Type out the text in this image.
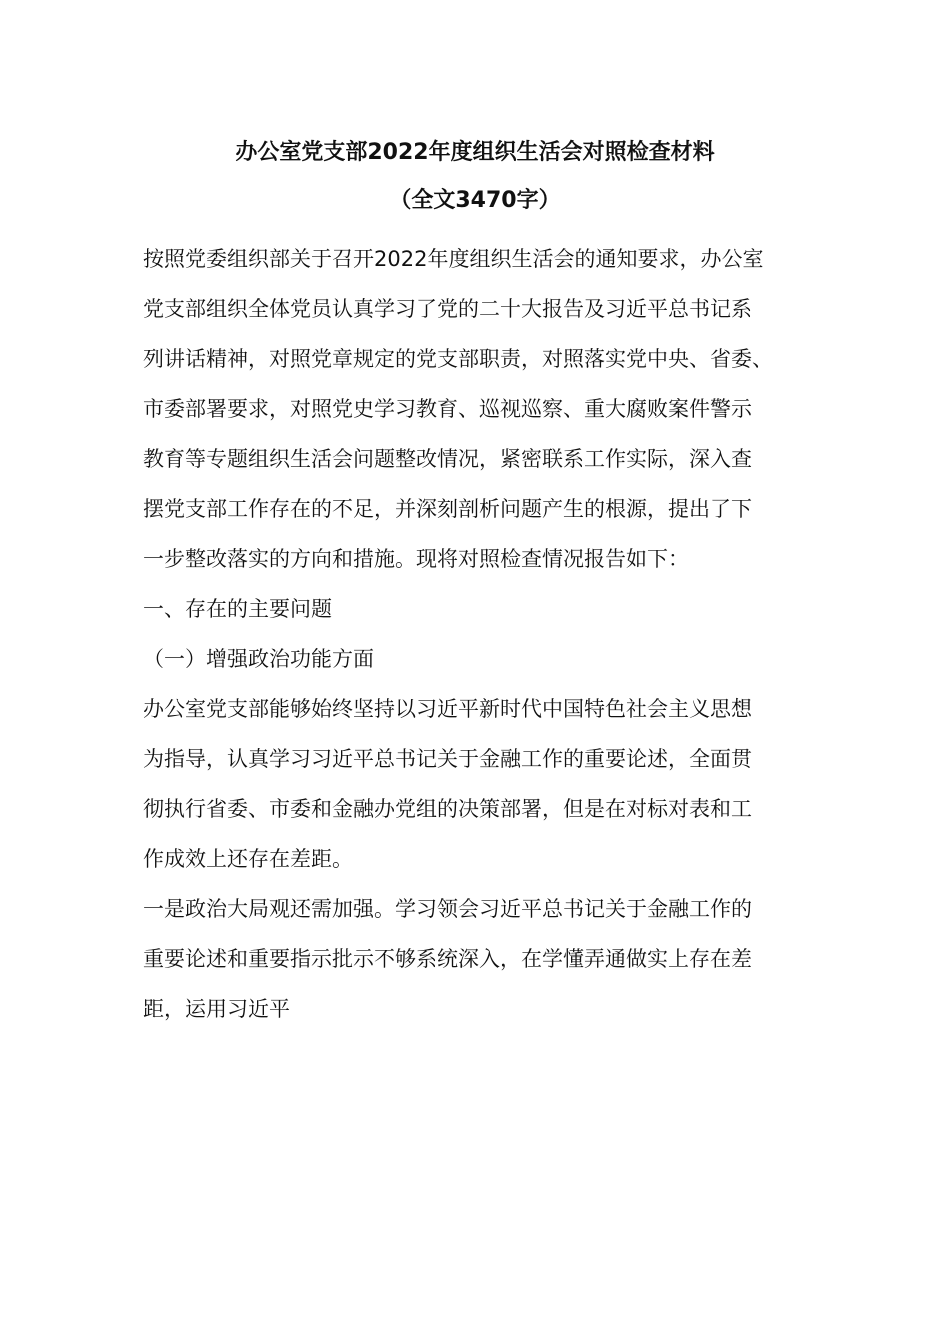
办公室党支部2022年度组织生活会对照检查材料
（全文3470字）
按照党委组织部关于召开2022年度组织生活会的通知要求，办公室
党支部组织全体党员认真学习了党的二十大报告及习近平总书记系
列讲话精神，对照党章规定的党支部职责，对照落实党中央、省委、
市委部署要求，对照党史学习教育、巡视巡察、重大腐败案件警示
教育等专题组织生活会问题整改情况，紧密联系工作实际，深入查
摆党支部工作存在的不足，并深刻剖析问题产生的根源，提出了下
一步整改落实的方向和措施。现将对照检查情况报告如下：
一、存在的主要问题
（一）增强政治功能方面
办公室党支部能够始终坚持以习近平新时代中国特色社会主义思想
为指导，认真学习习近平总书记关于金融工作的重要论述，全面贯
彻执行省委、市委和金融办党组的决策部署，但是在对标对表和工
作成效上还存在差距。
一是政治大局观还需加强。学习领会习近平总书记关于金融工作的
重要论述和重要指示批示不够系统深入，在学懂弄通做实上存在差
距，运用习近平
